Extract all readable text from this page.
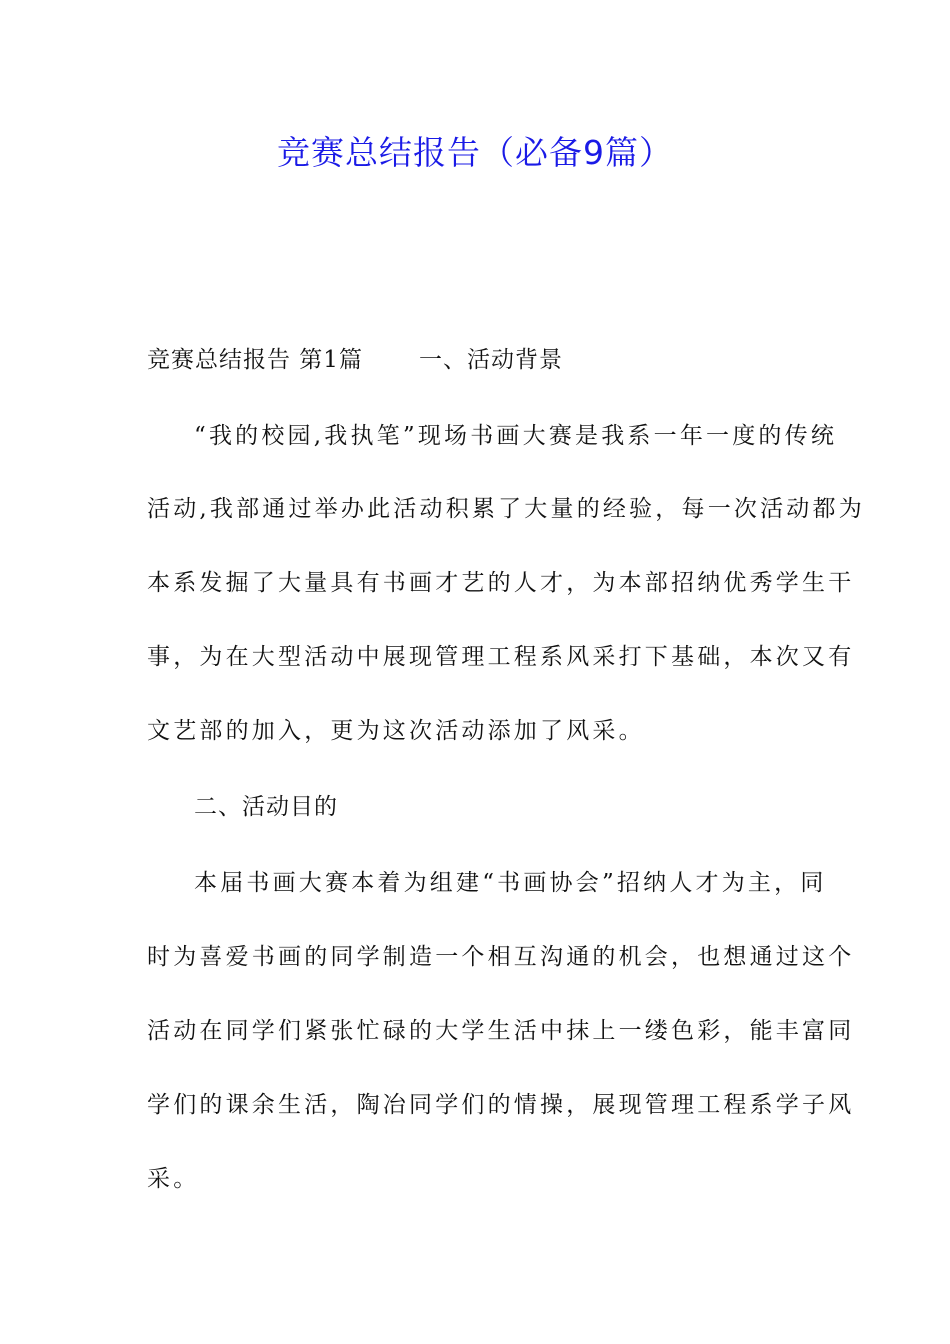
竞赛总结报告（必备9篇）
竞赛总结报告 第1篇 一、活动背景
“我的校园,我执笔”现场书画大赛是我系一年一度的传统
活动,我部通过举办此活动积累了大量的经验，每一次活动都为
本系发掘了大量具有书画才艺的人才，为本部招纳优秀学生干
事，为在大型活动中展现管理工程系风采打下基础，本次又有
文艺部的加入，更为这次活动添加了风采。
二、活动目的
本届书画大赛本着为组建“书画协会”招纳人才为主，同
时为喜爱书画的同学制造一个相互沟通的机会，也想通过这个
活动在同学们紧张忙碌的大学生活中抹上一缕色彩，能丰富同
学们的课余生活，陶冶同学们的情操，展现管理工程系学子风
采。
